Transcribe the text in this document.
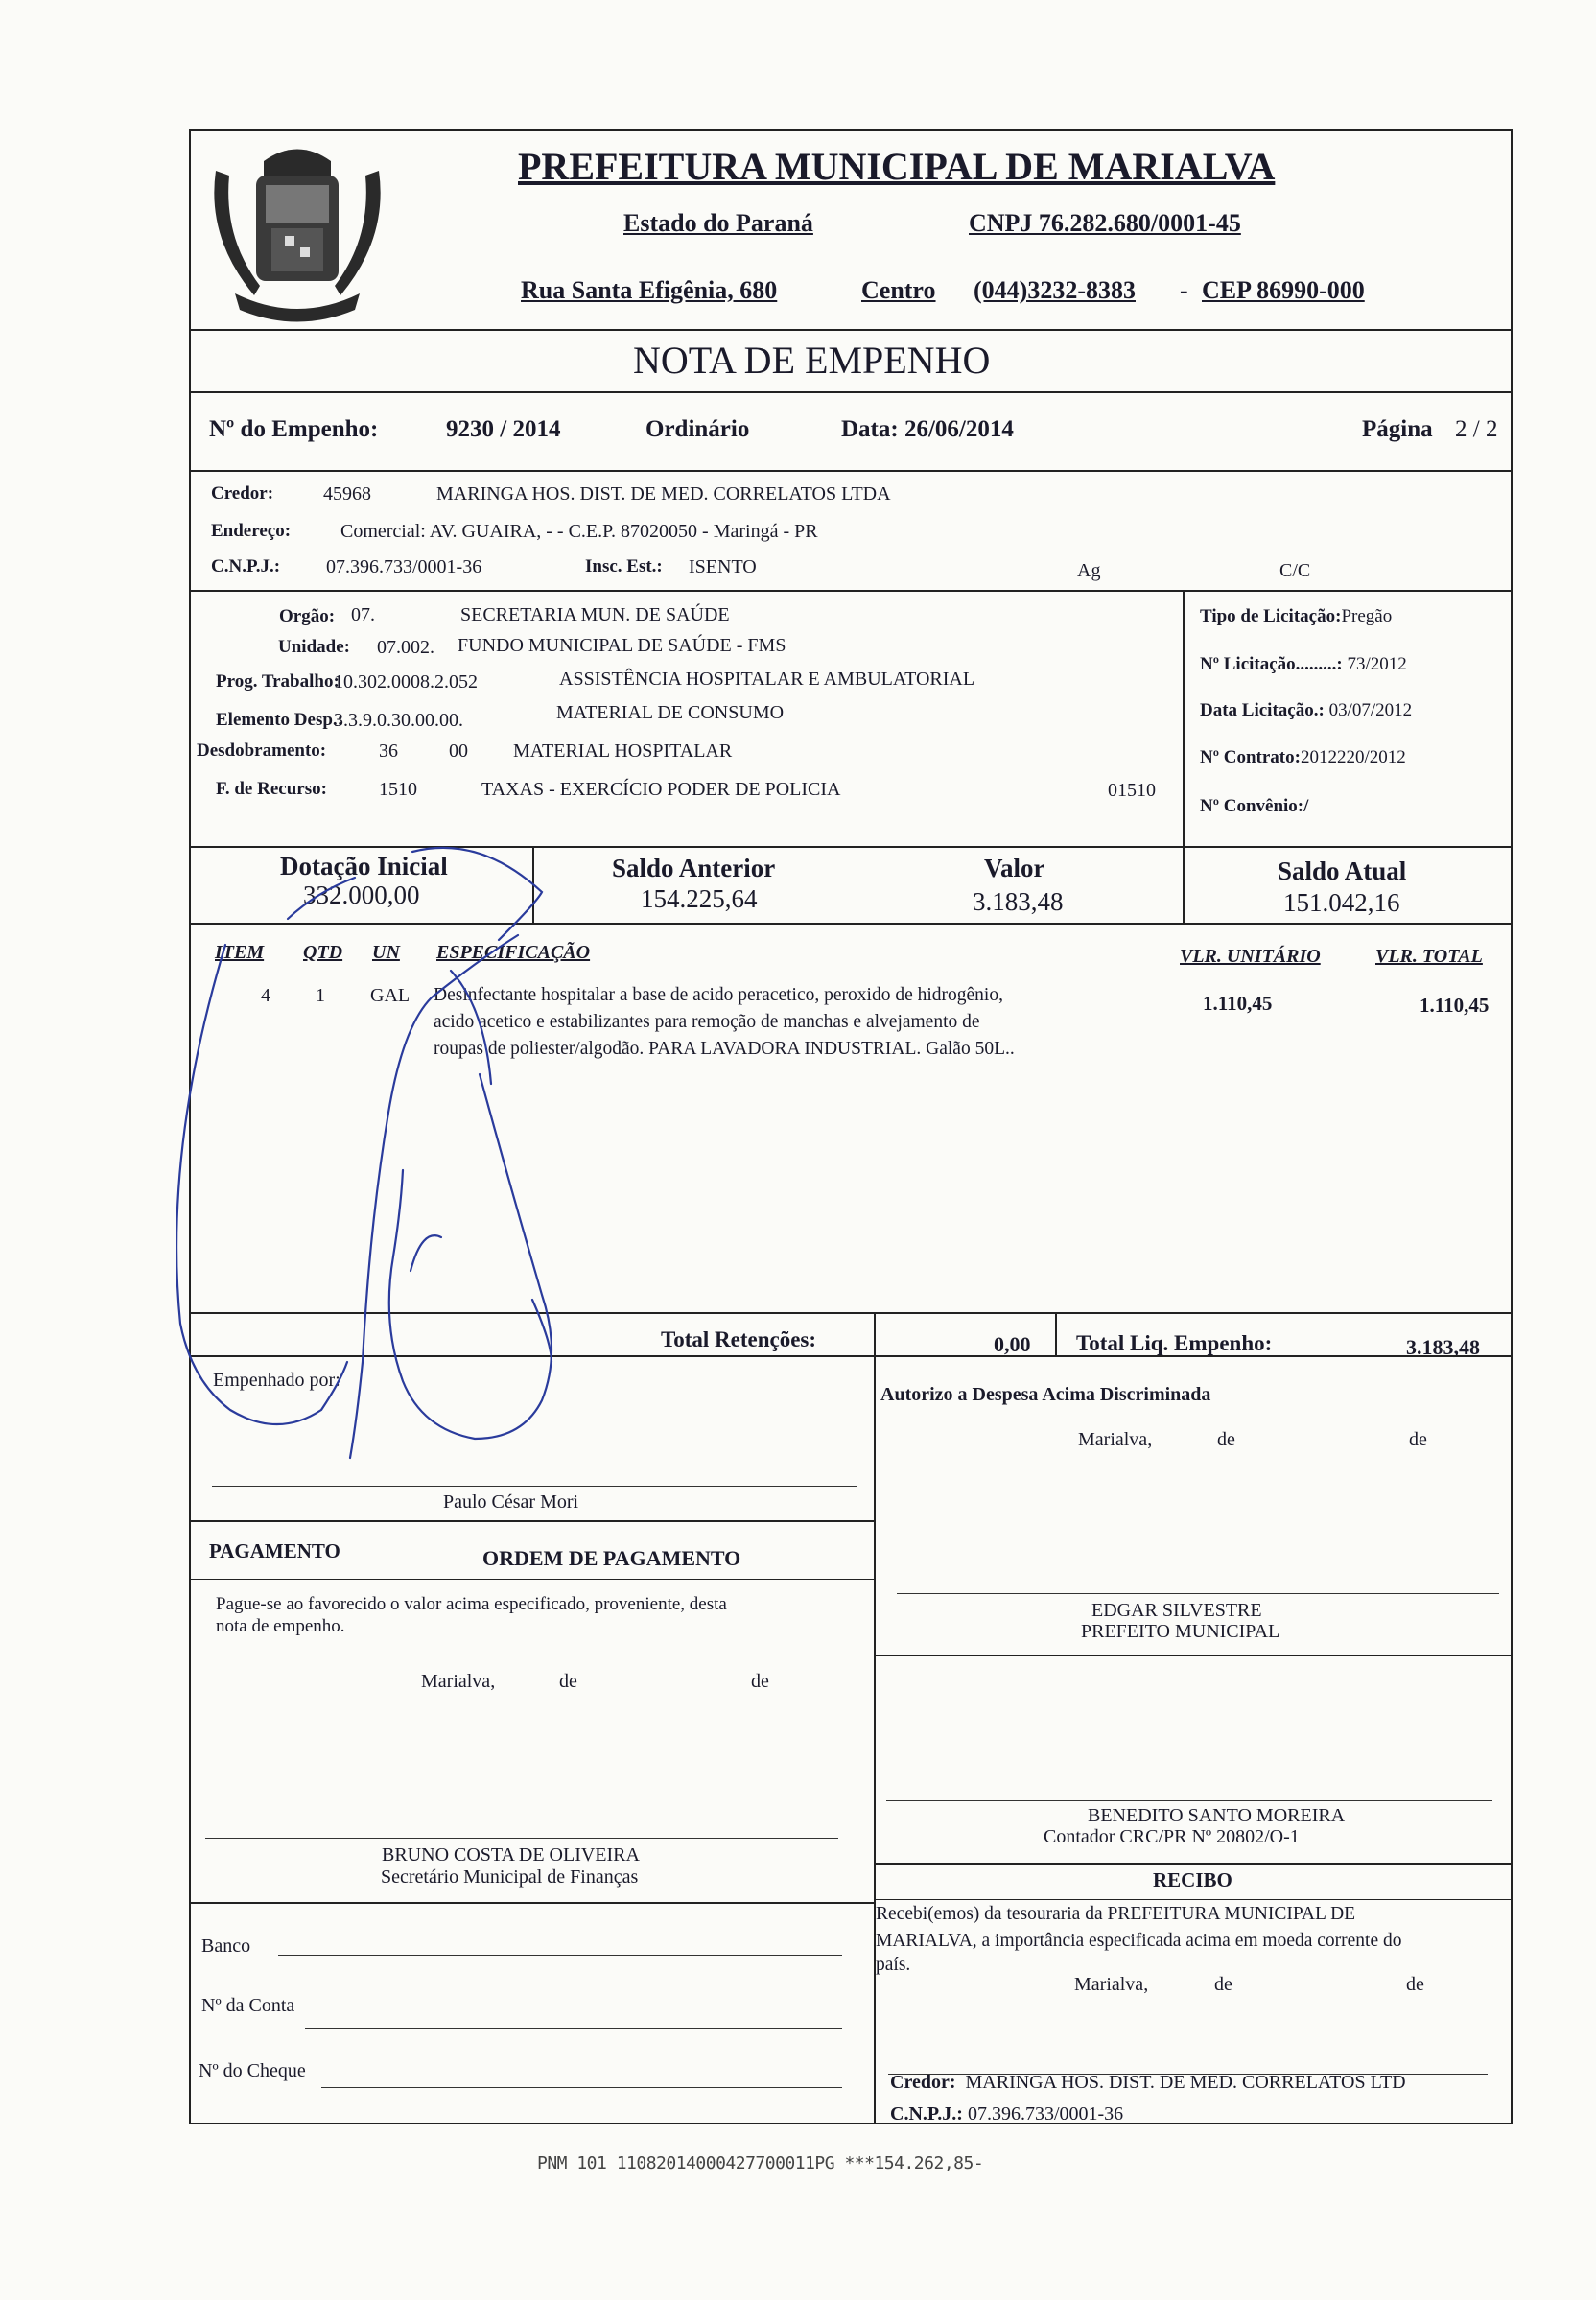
PREFEITURA MUNICIPAL DE MARIALVA
Estado do Paraná	CNPJ 76.282.680/0001-45
Rua Santa Efigênia, 680	Centro (044)3232-8383 - CEP 86990-000
NOTA DE EMPENHO
Nº do Empenho:	9230 / 2014	Ordinário	Data: 26/06/2014	Página 2 / 2
Credor:	45968	MARINGA HOS. DIST. DE MED. CORRELATOS LTDA
Endereço:	Comercial: AV. GUAIRA, - - C.E.P. 87020050 - Maringá - PR
C.N.P.J.: 07.396.733/0001-36	Insc. Est.: ISENTO	Ag	C/C
Orgão: 07.	SECRETARIA MUN. DE SAÚDE
Unidade: 07.002. FUNDO MUNICIPAL DE SAÚDE - FMS
Prog. Trabalho:
10.302.0008.2.052	ASSISTÊNCIA HOSPITALAR E AMBULATORIAL
Elemento Desp.:
3.3.9.0.30.00.00.	MATERIAL DE CONSUMO
Desdobramento:	36	00 MATERIAL HOSPITALAR
F. de Recurso:	1510	TAXAS - EXERCÍCIO PODER DE POLICIA	01510
Tipo de Licitação:Pregão
Nº Licitação.........: 73/2012
Data Licitação.: 03/07/2012
Nº Contrato:2012220/2012
Nº Convênio:/
Dotação Inicial
332.000,00
Saldo Anterior
154.225,64
Valor
3.183,48
Saldo Atual
151.042,16
ITEM QTD UN ESPECIFICAÇÃO	VLR. UNITÁRIO	VLR. TOTAL
4 1 GAL Desinfectante hospitalar a base de acido peracetico, peroxido de hidrogênio,
acido acetico e estabilizantes para remoção de manchas e alvejamento de
roupas de poliester/algodão. PARA LAVADORA INDUSTRIAL. Galão 50L..
1.110,45	1.110,45
Total Retenções:	0,00 Total Liq. Empenho:	3.183,48
Empenhado por:
Paulo César Mori
Autorizo a Despesa Acima Discriminada
Marialva,	de	de
PAGAMENTO	ORDEM DE PAGAMENTO
Pague-se ao favorecido o valor acima especificado, proveniente, desta
nota de empenho.
Marialva,	de	de
BRUNO COSTA DE OLIVEIRA
Secretário Municipal de Finanças
Banco
Nº da Conta
Nº do Cheque
EDGAR SILVESTRE
PREFEITO MUNICIPAL
BENEDITO SANTO MOREIRA
Contador CRC/PR Nº 20802/O-1
RECIBO
Recebi(emos) da tesouraria da PREFEITURA MUNICIPAL DE
MARIALVA, a importância especificada acima em moeda corrente do
país.
Marialva,	de	de
Credor: MARINGA HOS. DIST. DE MED. CORRELATOS LTD
C.N.P.J.: 07.396.733/0001-36
PNM 101 11082014000427700011PG ***154.262,85-
